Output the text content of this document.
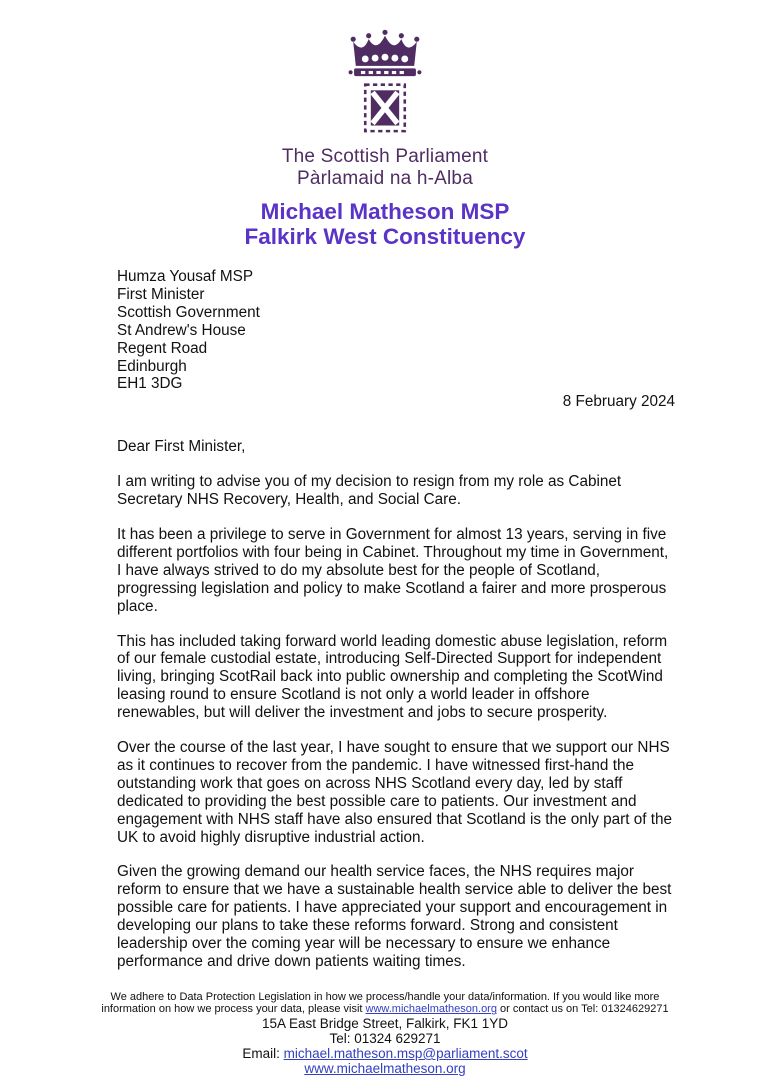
The Scottish Parliament
Pàrlamaid na h-Alba
Michael Matheson MSP
Falkirk West Constituency
Humza Yousaf MSP
First Minister
Scottish Government
St Andrew's House
Regent Road
Edinburgh
EH1 3DG
8 February 2024
Dear First Minister,

I am writing to advise you of my decision to resign from my role as Cabinet Secretary NHS Recovery, Health, and Social Care.

It has been a privilege to serve in Government for almost 13 years, serving in five different portfolios with four being in Cabinet. Throughout my time in Government, I have always strived to do my absolute best for the people of Scotland, progressing legislation and policy to make Scotland a fairer and more prosperous place.

This has included taking forward world leading domestic abuse legislation, reform of our female custodial estate, introducing Self-Directed Support for independent living, bringing ScotRail back into public ownership and completing the ScotWind leasing round to ensure Scotland is not only a world leader in offshore renewables, but will deliver the investment and jobs to secure prosperity.

Over the course of the last year, I have sought to ensure that we support our NHS as it continues to recover from the pandemic. I have witnessed first-hand the outstanding work that goes on across NHS Scotland every day, led by staff dedicated to providing the best possible care to patients. Our investment and engagement with NHS staff have also ensured that Scotland is the only part of the UK to avoid highly disruptive industrial action.

Given the growing demand our health service faces, the NHS requires major reform to ensure that we have a sustainable health service able to deliver the best possible care for patients. I have appreciated your support and encouragement in developing our plans to take these reforms forward. Strong and consistent leadership over the coming year will be necessary to ensure we enhance performance and drive down patients waiting times.

We adhere to Data Protection Legislation in how we process/handle your data/information. If you would like more information on how we process your data, please visit www.michaelmatheson.org or contact us on Tel: 01324629271
15A East Bridge Street, Falkirk, FK1 1YD
Tel: 01324 629271
Email: michael.matheson.msp@parliament.scot
www.michaelmatheson.org
